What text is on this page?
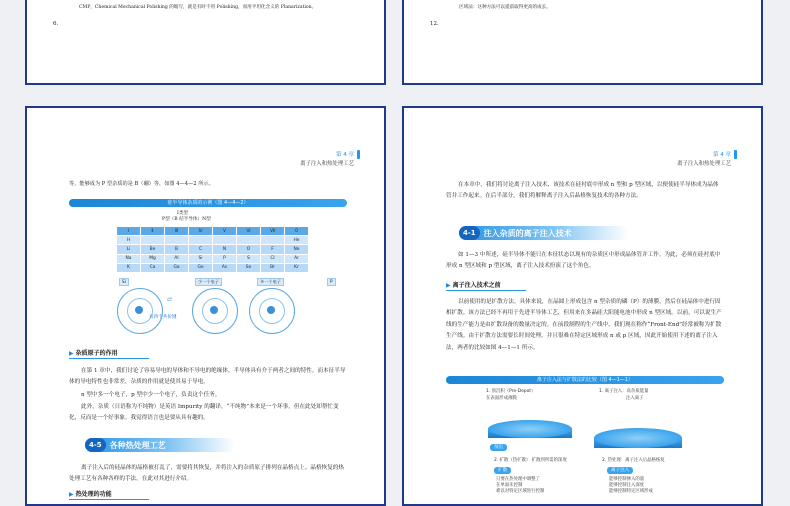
CMP，Chemical Mechanical Polishing 的缩写，就是有时不用 Polishing，而用平坦化含义的 Planarization。
6.
区域法：这种方法可以提前取得更高的成长。
12.
第 4 章
离子注入和热处理工艺
等，能够成为 P 型杂质的是 B（硼）等，如图 4—4—2 所示。
硅半导体杂质的示例（图 4—4—2）
Ⅰ类型
P型（B 结半导体）N型
Ⅰ	Ⅱ	Ⅲ	Ⅳ	Ⅴ	Ⅵ	Ⅶ	0
H							He
Li	Be	B	C	N	O	F	Ne
Na	Mg	Al	Si	P	S	Cl	Ar
K	Ca	Ga	Ge	As	Se	Br	Kr
Si	少一个电子	多一个电子	P
⇄
有四个共价键
▶ 杂质原子的作用
在第 1 章中，我们讨论了容易导电的导体和不导电的绝缘体，半导体具有介于两者之间的特性。而本征半导体的导电特性也非常差，杂质的作用就是使其易于导电。
n 型中多一个电子，p 型中少一个电子，负责这个任务。
此外，杂质（日语称为不纯物）是英语 Impurity 的翻译，“不纯物”本来是一个坏事，但在此处却帮忙变化，反而是一个好事象。我觉得语言也是要从具有趣的。
4-5	各种热处理工艺
离子注入后的硅晶体的晶格被打乱了，需要将其恢复，并将注入的杂质原子排列在晶格点上。晶格恢复的热处理工艺有各种各样的手法，在此对其进行介绍。
▶ 热处理的功能
第 4 章
离子注入和热处理工艺
在本章中，我们将讨论离子注入技术，该技术在硅衬底中形成 n 型和 p 型区域，以便使硅半导体成为晶体管并工作起来。在后半部分，我们将解释离子注入后晶格恢复技术的各种方法。
4-1	注入杂质的离子注入技术
如 1—3 中所述，硅半导体不能只在本征状态以现有的杂质区中形成晶体管并工作。为此，必须在硅衬底中形成 n 型区域和 p 型区域，离子注入技术扮演了这个角色。
▶ 离子注入技术之前
以前使用的是扩散方法。具体来说，在晶圆上形成包含 n 型杂质的磷（P）的薄膜，然后在硅晶体中进行固相扩散。该方法已经不再用于先进半导体工艺，但用来在多晶硅大阳能电池中形成 n 型区域。以前，可以说生产线的生产能力是由扩散设备的数量决定的。在前段制程的生产线中，我们现在称作“Front-End”经常被称为扩散生产线。由于扩散方法需要长时间处理，并且很难在特定区域形成 n 或 p 区域，因此开始使用下述的离子注入法，两者的比较如图 4—1—1 所示。
离子注入法与扩散法的比较（图 4—1—1）
1. 预沉积（Pre-Depot）
在表面形成薄膜
预沉
2. 扩散（热扩散） 扩散到所需的深度
扩散
只要在热处理中调整了
在单面未控制
难以对特定区域进行控制
1. 离子注入：高杂质能量
注入离子
2. 热处理：离子注入后晶格恢复
离子注入
能够控制掺入的量
能够控制注入深度
能够控制特定区域形成
